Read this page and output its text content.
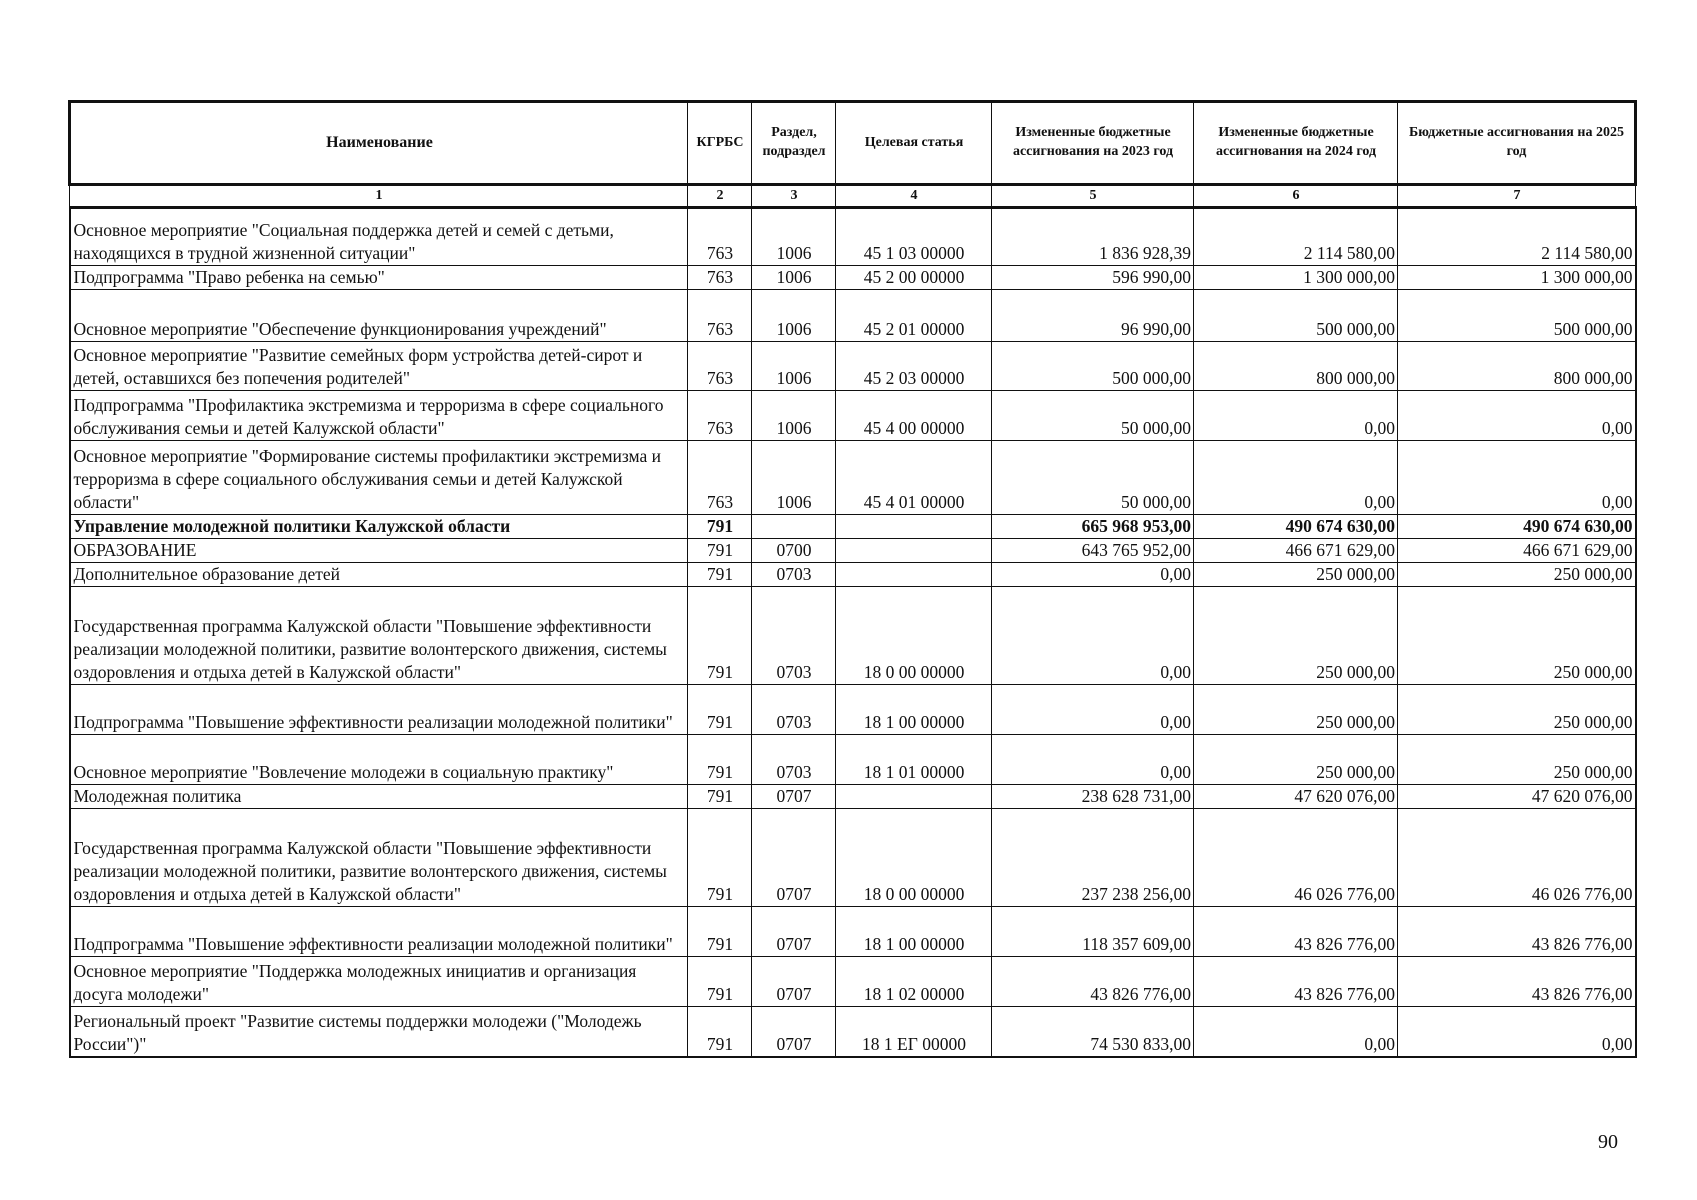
Наименование	КГРБС	Раздел, подраздел	Целевая статья	Измененные бюджетные ассигнования на 2023 год	Измененные бюджетные ассигнования на 2024 год	Бюджетные ассигнования на 2025 год
1	2	3	4	5	6	7
Основное мероприятие "Социальная поддержка детей и семей с детьми, находящихся в трудной жизненной ситуации"	763	1006	45 1 03 00000	1 836 928,39	2 114 580,00	2 114 580,00
Подпрограмма "Право ребенка на семью"	763	1006	45 2 00 00000	596 990,00	1 300 000,00	1 300 000,00
Основное мероприятие "Обеспечение функционирования учреждений"	763	1006	45 2 01 00000	96 990,00	500 000,00	500 000,00
Основное мероприятие "Развитие семейных форм устройства детей-сирот и детей, оставшихся без попечения родителей"	763	1006	45 2 03 00000	500 000,00	800 000,00	800 000,00
Подпрограмма "Профилактика экстремизма и терроризма в сфере социального обслуживания семьи и детей Калужской области"	763	1006	45 4 00 00000	50 000,00	0,00	0,00
Основное мероприятие "Формирование системы профилактики экстремизма и терроризма в сфере социального обслуживания семьи и детей Калужской области"	763	1006	45 4 01 00000	50 000,00	0,00	0,00
Управление молодежной политики Калужской области	791			665 968 953,00	490 674 630,00	490 674 630,00
ОБРАЗОВАНИЕ	791	0700		643 765 952,00	466 671 629,00	466 671 629,00
Дополнительное образование детей	791	0703		0,00	250 000,00	250 000,00
Государственная программа Калужской области "Повышение эффективности реализации молодежной политики, развитие волонтерского движения, системы оздоровления и отдыха детей в Калужской области"	791	0703	18 0 00 00000	0,00	250 000,00	250 000,00
Подпрограмма "Повышение эффективности реализации молодежной политики"	791	0703	18 1 00 00000	0,00	250 000,00	250 000,00
Основное мероприятие "Вовлечение молодежи в социальную практику"	791	0703	18 1 01 00000	0,00	250 000,00	250 000,00
Молодежная политика	791	0707		238 628 731,00	47 620 076,00	47 620 076,00
Государственная программа Калужской области "Повышение эффективности реализации молодежной политики, развитие волонтерского движения, системы оздоровления и отдыха детей в Калужской области"	791	0707	18 0 00 00000	237 238 256,00	46 026 776,00	46 026 776,00
Подпрограмма "Повышение эффективности реализации молодежной политики"	791	0707	18 1 00 00000	118 357 609,00	43 826 776,00	43 826 776,00
Основное мероприятие "Поддержка молодежных инициатив и организация досуга молодежи"	791	0707	18 1 02 00000	43 826 776,00	43 826 776,00	43 826 776,00
Региональный проект "Развитие системы поддержки молодежи ("Молодежь России")"	791	0707	18 1 ЕГ 00000	74 530 833,00	0,00	0,00
90
